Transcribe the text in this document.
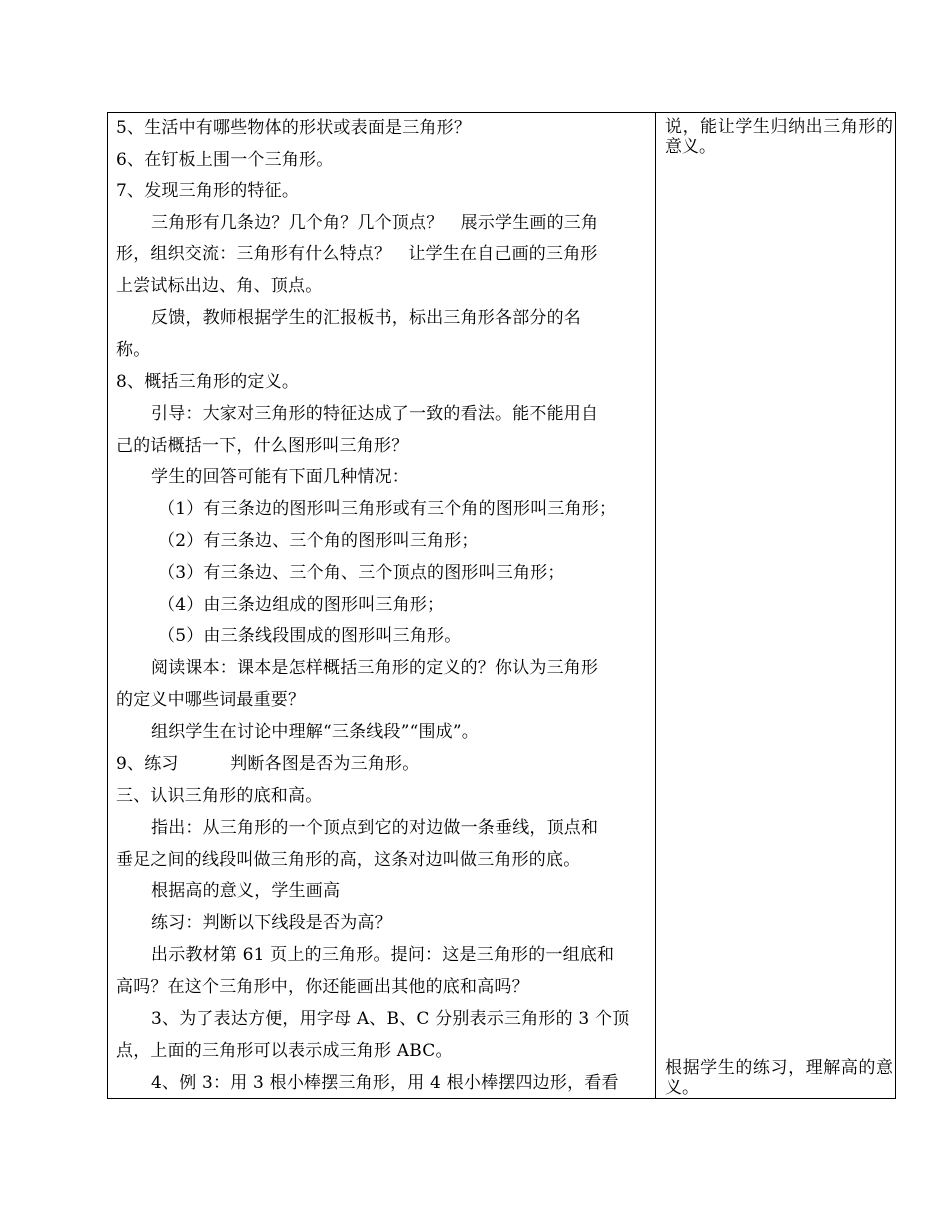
5、生活中有哪些物体的形状或表面是三角形？
6、在钉板上围一个三角形。
7、发现三角形的特征。
三角形有几条边？几个角？几个顶点？　展示学生画的三角
形，组织交流：三角形有什么特点？　让学生在自己画的三角形
上尝试标出边、角、顶点。
反馈，教师根据学生的汇报板书，标出三角形各部分的名
称。
8、概括三角形的定义。
引导：大家对三角形的特征达成了一致的看法。能不能用自
己的话概括一下，什么图形叫三角形？
学生的回答可能有下面几种情况：
（1）有三条边的图形叫三角形或有三个角的图形叫三角形；
（2）有三条边、三个角的图形叫三角形；
（3）有三条边、三个角、三个顶点的图形叫三角形；
（4）由三条边组成的图形叫三角形；
（5）由三条线段围成的图形叫三角形。
阅读课本：课本是怎样概括三角形的定义的？你认为三角形
的定义中哪些词最重要？
组织学生在讨论中理解“三条线段”“围成”。
9、练习　　　判断各图是否为三角形。
三、认识三角形的底和高。
指出：从三角形的一个顶点到它的对边做一条垂线，顶点和
垂足之间的线段叫做三角形的高，这条对边叫做三角形的底。
根据高的意义，学生画高
练习：判断以下线段是否为高？
出示教材第 61 页上的三角形。提问：这是三角形的一组底和
高吗？在这个三角形中，你还能画出其他的底和高吗？
3、为了表达方便，用字母 A、B、C 分别表示三角形的 3 个顶
点，上面的三角形可以表示成三角形 ABC。
4、例 3：用 3 根小棒摆三角形，用 4 根小棒摆四边形，看看
说，能让学生归纳出三角形的意义。
根据学生的练习，理解高的意义。
